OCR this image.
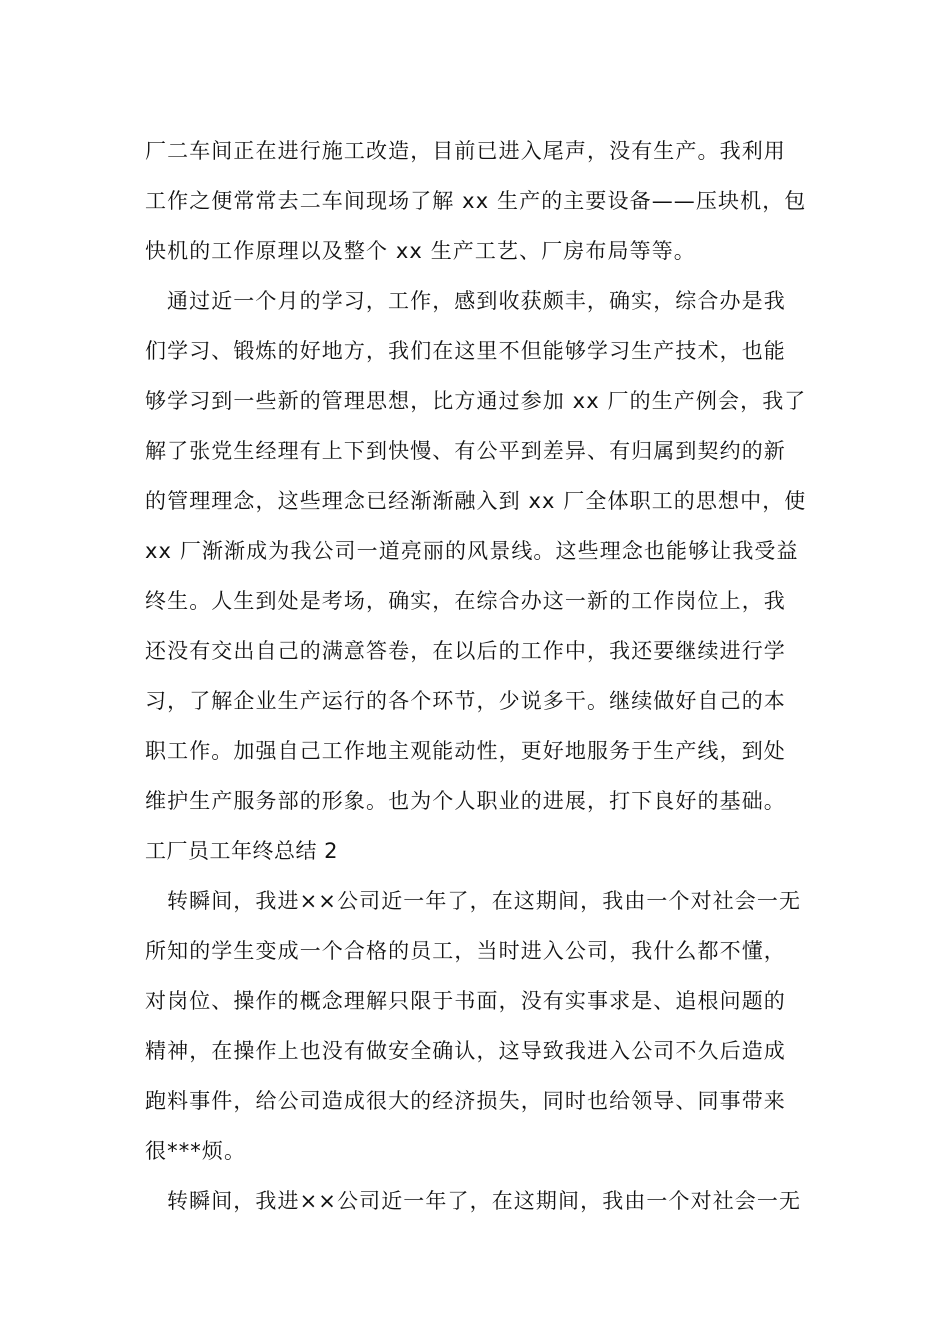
厂二车间正在进行施工改造，目前已进入尾声，没有生产。我利用
工作之便常常去二车间现场了解 xx 生产的主要设备——压块机，包
快机的工作原理以及整个 xx 生产工艺、厂房布局等等。
通过近一个月的学习，工作，感到收获颇丰，确实，综合办是我
们学习、锻炼的好地方，我们在这里不但能够学习生产技术，也能
够学习到一些新的管理思想，比方通过参加 xx 厂的生产例会，我了
解了张党生经理有上下到快慢、有公平到差异、有归属到契约的新
的管理理念，这些理念已经渐渐融入到 xx 厂全体职工的思想中，使
xx 厂渐渐成为我公司一道亮丽的风景线。这些理念也能够让我受益
终生。人生到处是考场，确实，在综合办这一新的工作岗位上，我
还没有交出自己的满意答卷，在以后的工作中，我还要继续进行学
习，了解企业生产运行的各个环节，少说多干。继续做好自己的本
职工作。加强自己工作地主观能动性，更好地服务于生产线，到处
维护生产服务部的形象。也为个人职业的进展，打下良好的基础。
工厂员工年终总结 2
转瞬间，我进××公司近一年了，在这期间，我由一个对社会一无
所知的学生变成一个合格的员工，当时进入公司，我什么都不懂，
对岗位、操作的概念理解只限于书面，没有实事求是、追根问题的
精神，在操作上也没有做安全确认，这导致我进入公司不久后造成
跑料事件，给公司造成很大的经济损失，同时也给领导、同事带来
很***烦。
转瞬间，我进××公司近一年了，在这期间，我由一个对社会一无
